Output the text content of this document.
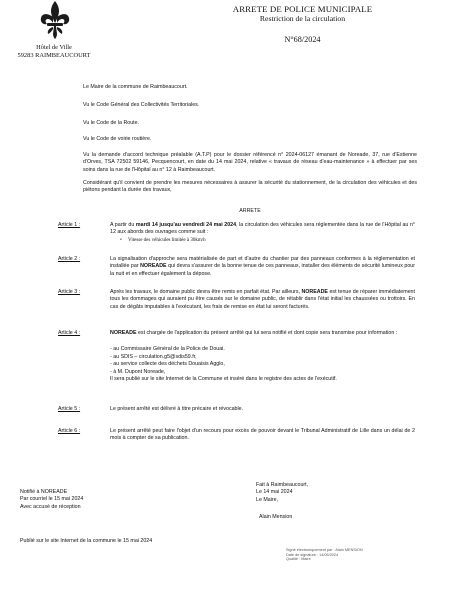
Hôtel de Ville
59283 RAIMBEAUCOURT
ARRETE DE POLICE MUNICIPALE
Restriction de la circulation
N°68/2024
Le Maire de la commune de Raimbeaucourt.
Vu le Code Général des Collectivités Territoriales.
Vu le Code de la Route.
Vu le Code de voirie routière.
Vu la demande d'accord technique préalable (A.T.P) pour le dossier référencé n° 2024-06127 émanant de Noreade, 37, rue d'Estienne d'Orves, TSA 72502 59146, Pecquencourt, en date du 14 mai 2024, relative « travaux de réseau d'eau-maintenance » à effectuer par ses soins dans la rue de l'Hôpital au n° 12 à Raimbeaucourt.
Considérant qu'il convient de prendre les mesures nécessaires à assurer la sécurité du stationnement, de la circulation des véhicules et des piétons pendant la durée des travaux,
ARRETE
Article 1 :	A partir du mardi 14 jusqu'au vendredi 24 mai 2024, la circulation des véhicules sera réglementée dans la rue de l'Hôpital au n° 12 aux abords des ouvrages comme suit :
•     Vitesse des véhicules limitée à 30km/h
Article 2 :	La signalisation d'approche sera matérialisée de part et d'autre du chantier par des panneaux conformes à la réglementation et installée par NOREADE qui devra s'assurer de la bonne tenue de ces panneaux, installer des éléments de sécurité lumineux pour la nuit et en effectuer également la dépose.
Article 3 :	Après les travaux, le domaine public devra être remis en parfait état. Par ailleurs, NOREADE est tenue de réparer immédiatement tous les dommages qui auraient pu être causés sur le domaine public, de rétablir dans l'état initial les chaussées ou trottoirs. En cas de dégâts imputables à l'exécutant, les frais de remise en état lui seront facturés.
Article 4 :	NOREADE est chargée de l'application du présent arrêté qui lui sera notifié et dont copie sera transmise pour information :
- au Commissaire Général de la Police de Douai.
- au SDIS – circulation.g5@sdis59.fr,
- au service collecte des déchets Douaisis Agglo,
- à M. Dupont Noreade,
Il sera publié sur le site Internet de la Commune et inséré dans le registre des actes de l'exécutif.
Article 5 :	Le présent arrêté est délivré à titre précaire et révocable.
Article 6 :	Le présent arrêté peut faire l'objet d'un recours pour excès de pouvoir devant le Tribunal Administratif de Lille dans un délai de 2 mois à compter de sa publication.
Notifié à NOREADE
Par courriel le 15 mai 2024
Avec accusé de réception
Publié sur le site Internet de la commune le 15 mai 2024
Fait à Raimbeaucourt,
Le 14 mai 2024
Le Maire,
Alain Mension
Signé électroniquement par : Alain MENSION
Date de signature : 14/05/2024
Qualité : Maire
